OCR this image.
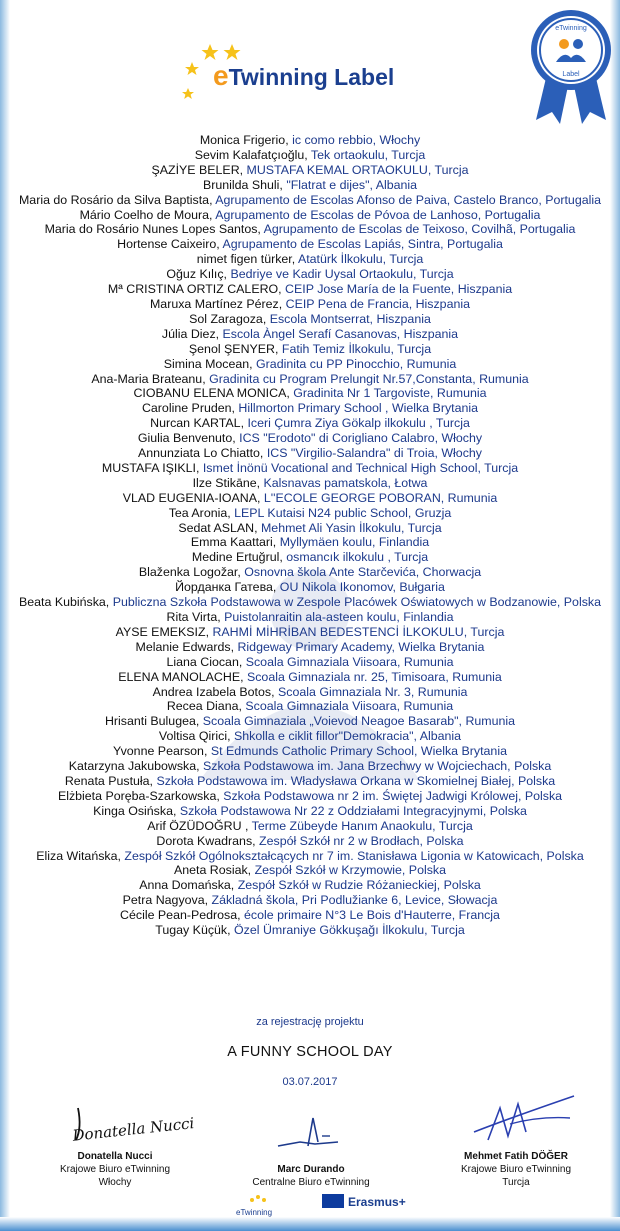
eTwinning Label
eTwinning
Label
Monica Frigerio, ic como rebbio, Włochy
Sevim Kalafatçıoğlu, Tek ortaokulu, Turcja
ŞAZİYE BELER, MUSTAFA KEMAL ORTAOKULU, Turcja
Brunilda Shuli, "Flatrat e dijes", Albania
Maria do Rosário da Silva Baptista, Agrupamento de Escolas Afonso de Paiva, Castelo Branco, Portugalia
Mário Coelho de Moura, Agrupamento de Escolas de Póvoa de Lanhoso, Portugalia
Maria do Rosário Nunes Lopes Santos, Agrupamento de Escolas de Teixoso, Covilhã, Portugalia
Hortense Caixeiro, Agrupamento de Escolas Lapiás, Sintra, Portugalia
nimet figen türker, Atatürk İlkokulu, Turcja
Oğuz Kılıç, Bedriye ve Kadir Uysal Ortaokulu, Turcja
Mª CRISTINA ORTIZ CALERO, CEIP Jose María de la Fuente, Hiszpania
Maruxa Martínez Pérez, CEIP Pena de Francia, Hiszpania
Sol Zaragoza, Escola Montserrat, Hiszpania
Júlia Diez, Escola Àngel Serafí Casanovas, Hiszpania
Şenol ŞENYER, Fatih Temiz İlkokulu, Turcja
Simina Mocean, Gradinita cu PP Pinocchio, Rumunia
Ana-Maria Brateanu, Gradinita cu Program Prelungit Nr.57,Constanta, Rumunia
CIOBANU ELENA MONICA, Gradinita Nr 1 Targoviste, Rumunia
Caroline Pruden, Hillmorton Primary School , Wielka Brytania
Nurcan KARTAL, Iceri Çumra Ziya Gökalp ilkokulu , Turcja
Giulia Benvenuto, ICS "Erodoto" di Corigliano Calabro, Włochy
Annunziata Lo Chiatto, ICS "Virgilio-Salandra" di Troia, Włochy
MUSTAFA IŞIKLI, Ismet İnönü Vocational and Technical High School, Turcja
Ilze Stikāne, Kalsnavas pamatskola, Łotwa
VLAD EUGENIA-IOANA, L''ECOLE GEORGE POBORAN, Rumunia
Tea Aronia, LEPL Kutaisi N24 public School, Gruzja
Sedat ASLAN, Mehmet Ali Yasin İlkokulu, Turcja
Emma Kaattari, Myllymäen koulu, Finlandia
Medine Ertuğrul, osmancık ilkokulu , Turcja
Blaženka Logožar, Osnovna škola Ante Starčevića, Chorwacja
Йорданка Гатева, OU Nikola Ikonomov, Bułgaria
Beata Kubińska, Publiczna Szkoła Podstawowa w Zespole Placówek Oświatowych w Bodzanowie, Polska
Rita Virta, Puistolanraitin ala-asteen koulu, Finlandia
AYSE EMEKSIZ, RAHMİ MİHRİBAN BEDESTENCİ İLKOKULU, Turcja
Melanie Edwards, Ridgeway Primary Academy, Wielka Brytania
Liana Ciocan, Scoala Gimnaziala Viisoara, Rumunia
ELENA MANOLACHE, Scoala Gimnaziala nr. 25, Timisoara, Rumunia
Andrea Izabela Botos, Scoala Gimnaziala Nr. 3, Rumunia
Recea Diana, Scoala Gimnaziala Viisoara, Rumunia
Hrisanti Bulugea, Scoala Gimnaziala „Voievod Neagoe Basarab", Rumunia
Voltisa Qirici, Shkolla e ciklit fillor"Demokracia", Albania
Yvonne Pearson, St Edmunds Catholic Primary School, Wielka Brytania
Katarzyna Jakubowska, Szkoła Podstawowa im. Jana Brzechwy w Wojciechach, Polska
Renata Pustuła, Szkoła Podstawowa im. Władysława Orkana w Skomielnej Białej, Polska
Elżbieta Poręba-Szarkowska, Szkoła Podstawowa nr 2 im. Świętej Jadwigi Królowej, Polska
Kinga Osińska, Szkoła Podstawowa Nr 22 z Oddziałami Integracyjnymi, Polska
Arif ÖZÜDOĞRU , Terme Zübeyde Hanım Anaokulu, Turcja
Dorota Kwadrans, Zespół Szkół nr 2 w Brodłach, Polska
Eliza Witańska, Zespół Szkół Ogólnokształcących nr 7 im. Stanisława Ligonia w Katowicach, Polska
Aneta Rosiak, Zespół Szkół w Krzymowie, Polska
Anna Domańska, Zespół Szkół w Rudzie Różanieckiej, Polska
Petra Nagyova, Základná škola, Pri Podlužianke 6, Levice, Słowacja
Cécile Pean-Pedrosa, école primaire N°3 Le Bois d'Hauterre, Francja
Tugay Küçük, Özel Ümraniye Gökkuşağı İlkokulu, Turcja
za rejestrację projektu
A FUNNY SCHOOL DAY
03.07.2017
Donatella Nucci
Donatella Nucci
Krajowe Biuro eTwinning
Włochy
Marc Durando
Centralne Biuro eTwinning
Mehmet Fatih DÖĞER
Krajowe Biuro eTwinning
Turcja
eTwinning
Erasmus+
